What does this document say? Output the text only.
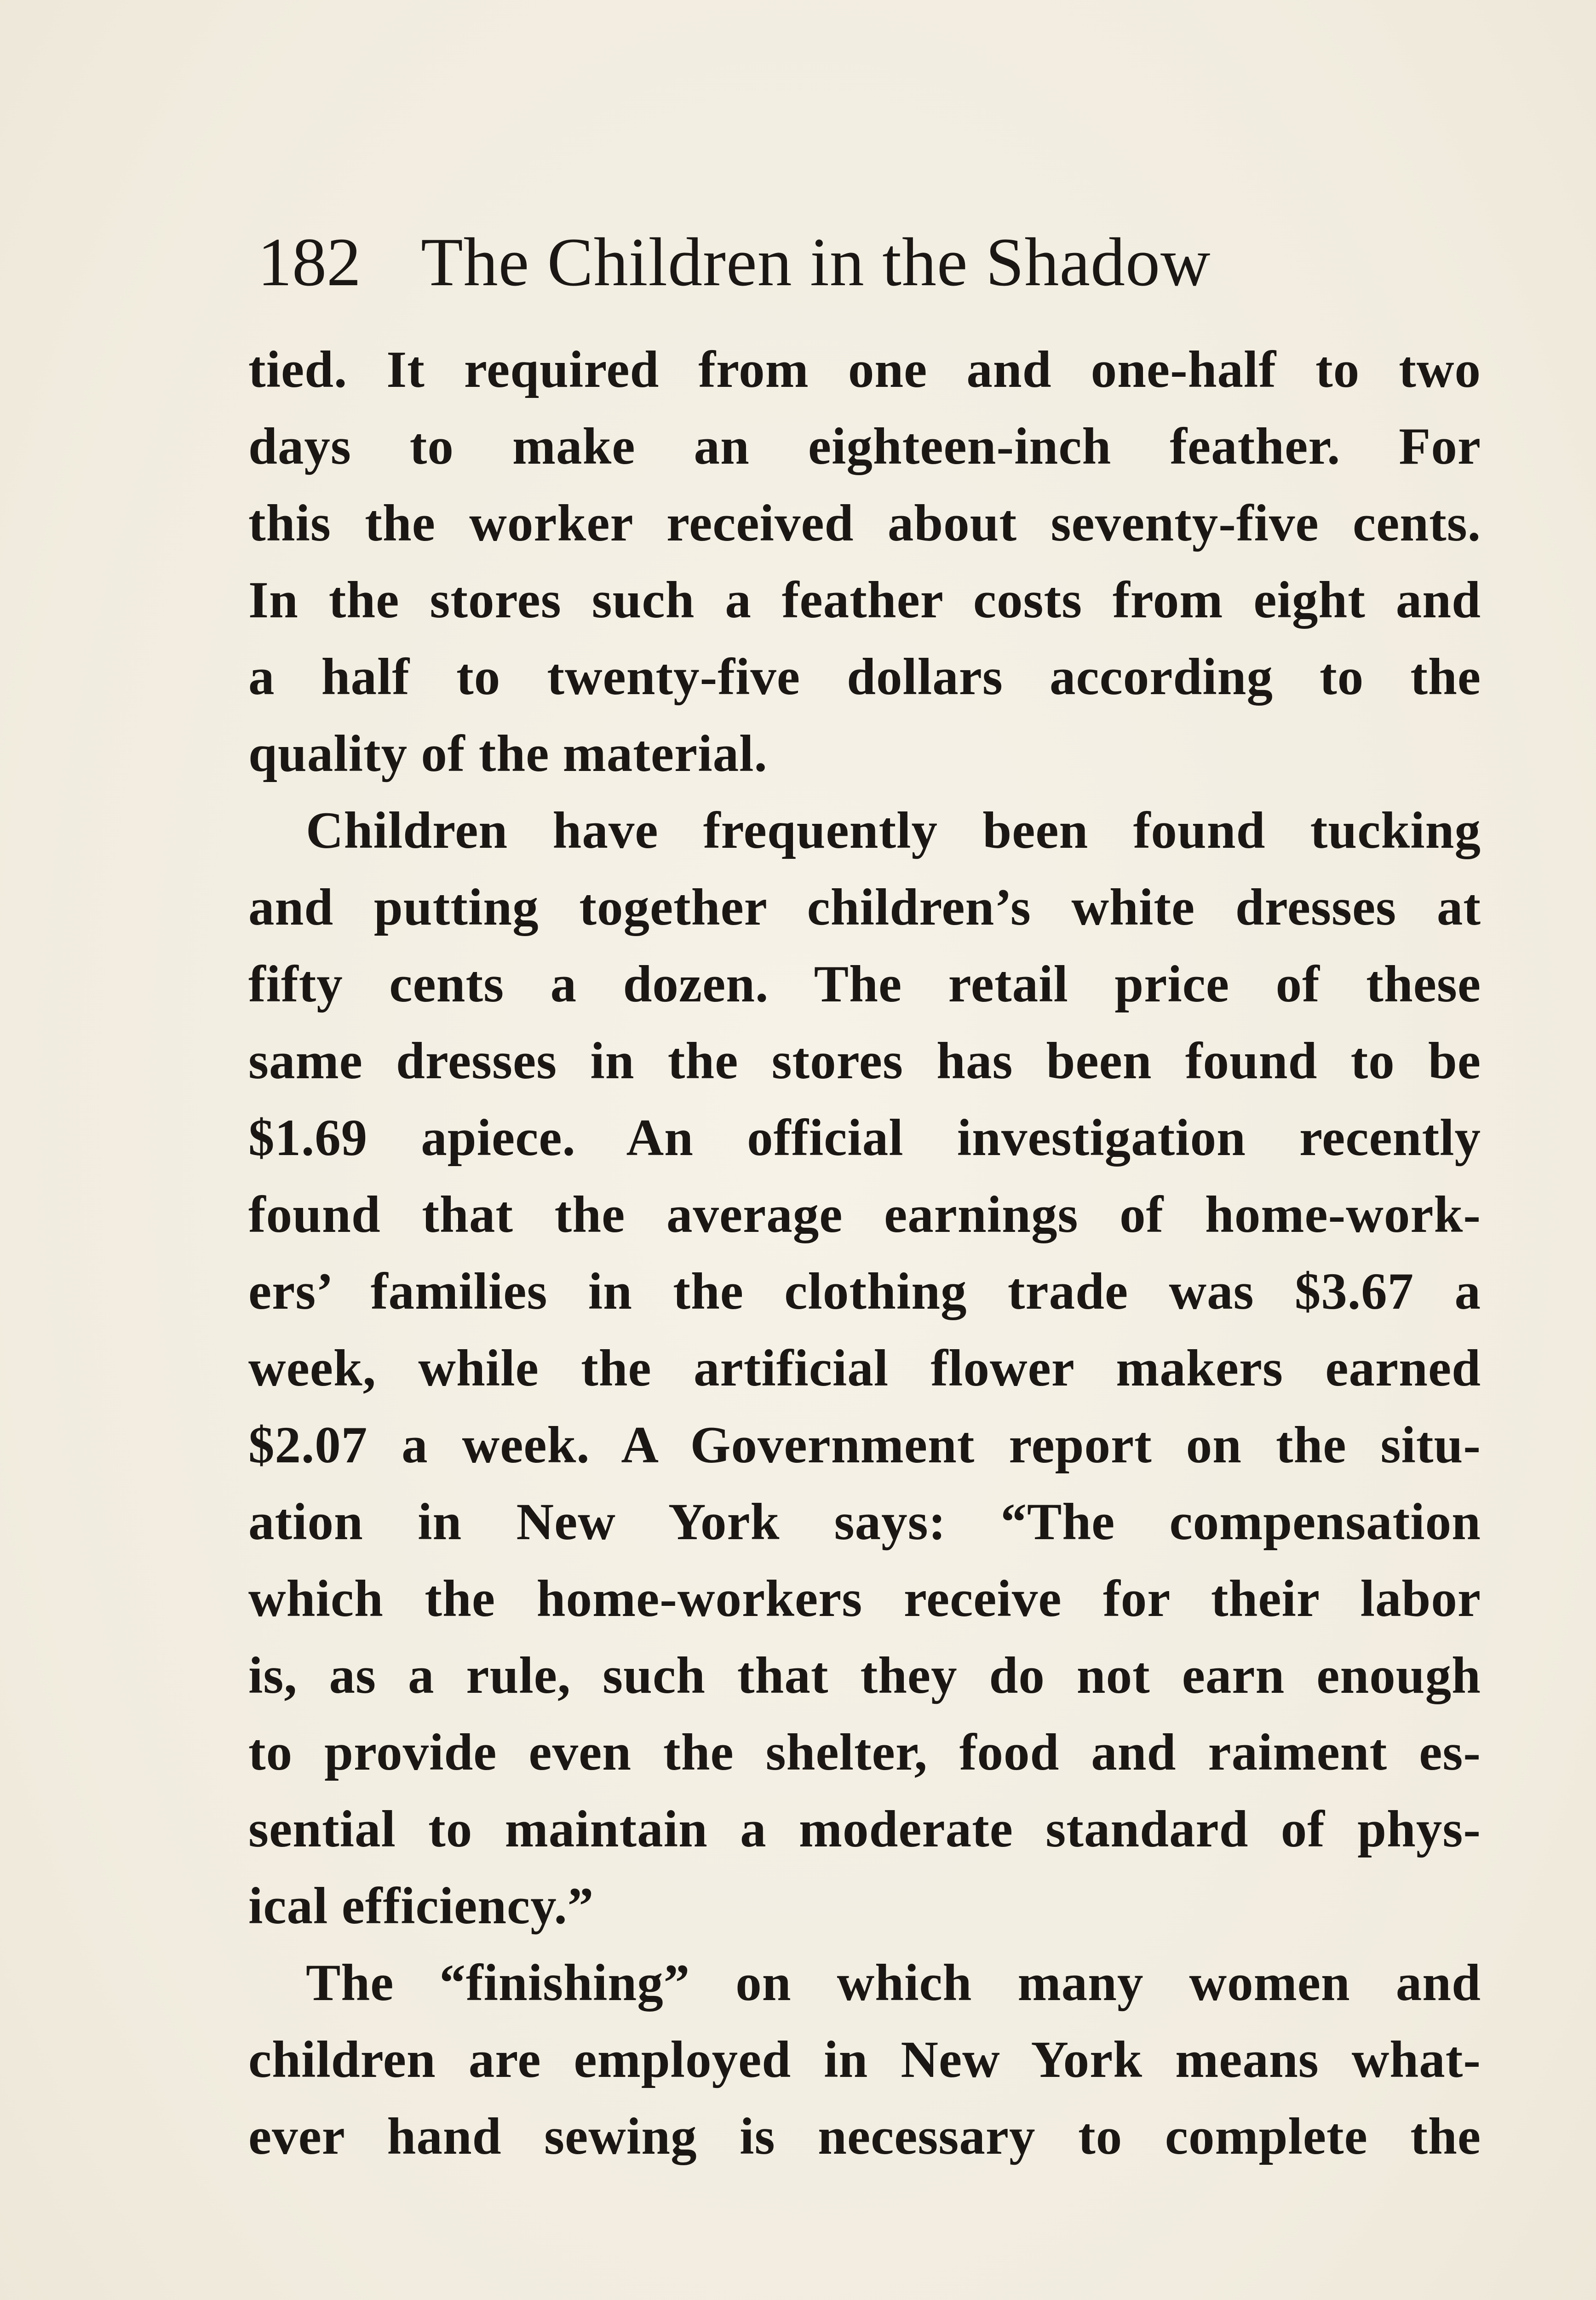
182 The Children in the Shadow
tied. It required from one and one-half to two
days to make an eighteen-inch feather. For
this the worker received about seventy-five cents.
In the stores such a feather costs from eight and
a half to twenty-five dollars according to the
quality of the material.
Children have frequently been found tucking
and putting together children’s white dresses at
fifty cents a dozen. The retail price of these
same dresses in the stores has been found to be
$1.69 apiece. An official investigation recently
found that the average earnings of home-work-
ers’ families in the clothing trade was $3.67 a
week, while the artificial flower makers earned
$2.07 a week. A Government report on the situ-
ation in New York says: “The compensation
which the home-workers receive for their labor
is, as a rule, such that they do not earn enough
to provide even the shelter, food and raiment es-
sential to maintain a moderate standard of phys-
ical efficiency.”
The “finishing” on which many women and
children are employed in New York means what-
ever hand sewing is necessary to complete the
